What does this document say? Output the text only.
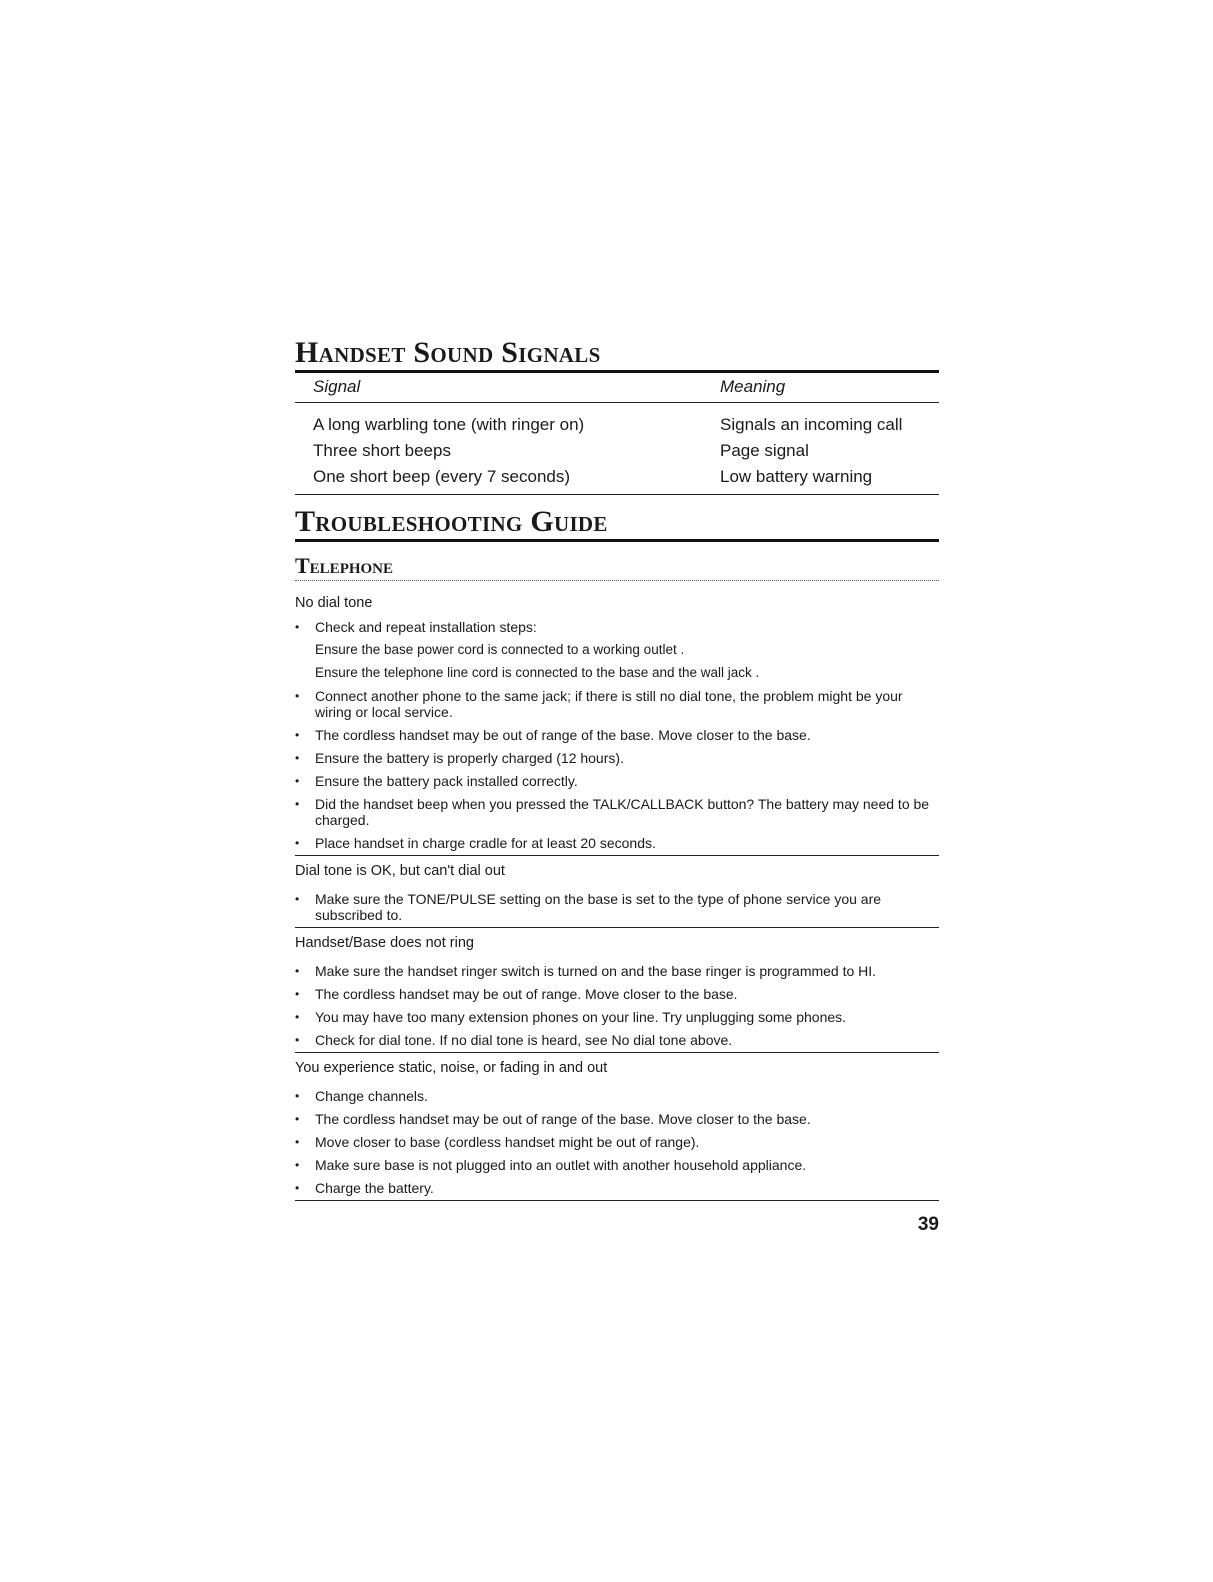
Handset Sound Signals
Signal	Meaning
A long warbling tone (with ringer on)	Signals an incoming call
Three short beeps	Page signal
One short beep (every 7 seconds)	Low battery warning
Troubleshooting Guide
Telephone

No dial tone

• Check and repeat installation steps:
Ensure the base power cord is connected to a working outlet .
Ensure the telephone line cord is connected to the base and the wall jack .
• Connect another phone to the same jack; if there is still no dial tone, the problem might be your wiring or local service.
• The cordless handset may be out of range of the base. Move closer to the base.
• Ensure the battery is properly charged (12 hours).
• Ensure the battery pack installed correctly.
• Did the handset beep when you pressed the TALK/CALLBACK button? The battery may need to be charged.
• Place handset in charge cradle for at least 20 seconds.

Dial tone is OK, but can't dial out

• Make sure the TONE/PULSE setting on the base is set to the type of phone service you are subscribed to.

Handset/Base does not ring

• Make sure the handset ringer switch is turned on and the base ringer is programmed to HI.
• The cordless handset may be out of range. Move closer to the base.
• You may have too many extension phones on your line. Try unplugging some phones.
• Check for dial tone. If no dial tone is heard, see No dial tone above.

You experience static, noise, or fading in and out

• Change channels.
• The cordless handset may be out of range of the base. Move closer to the base.
• Move closer to base (cordless handset might be out of range).
• Make sure base is not plugged into an outlet with another household appliance.
• Charge the battery.
39
